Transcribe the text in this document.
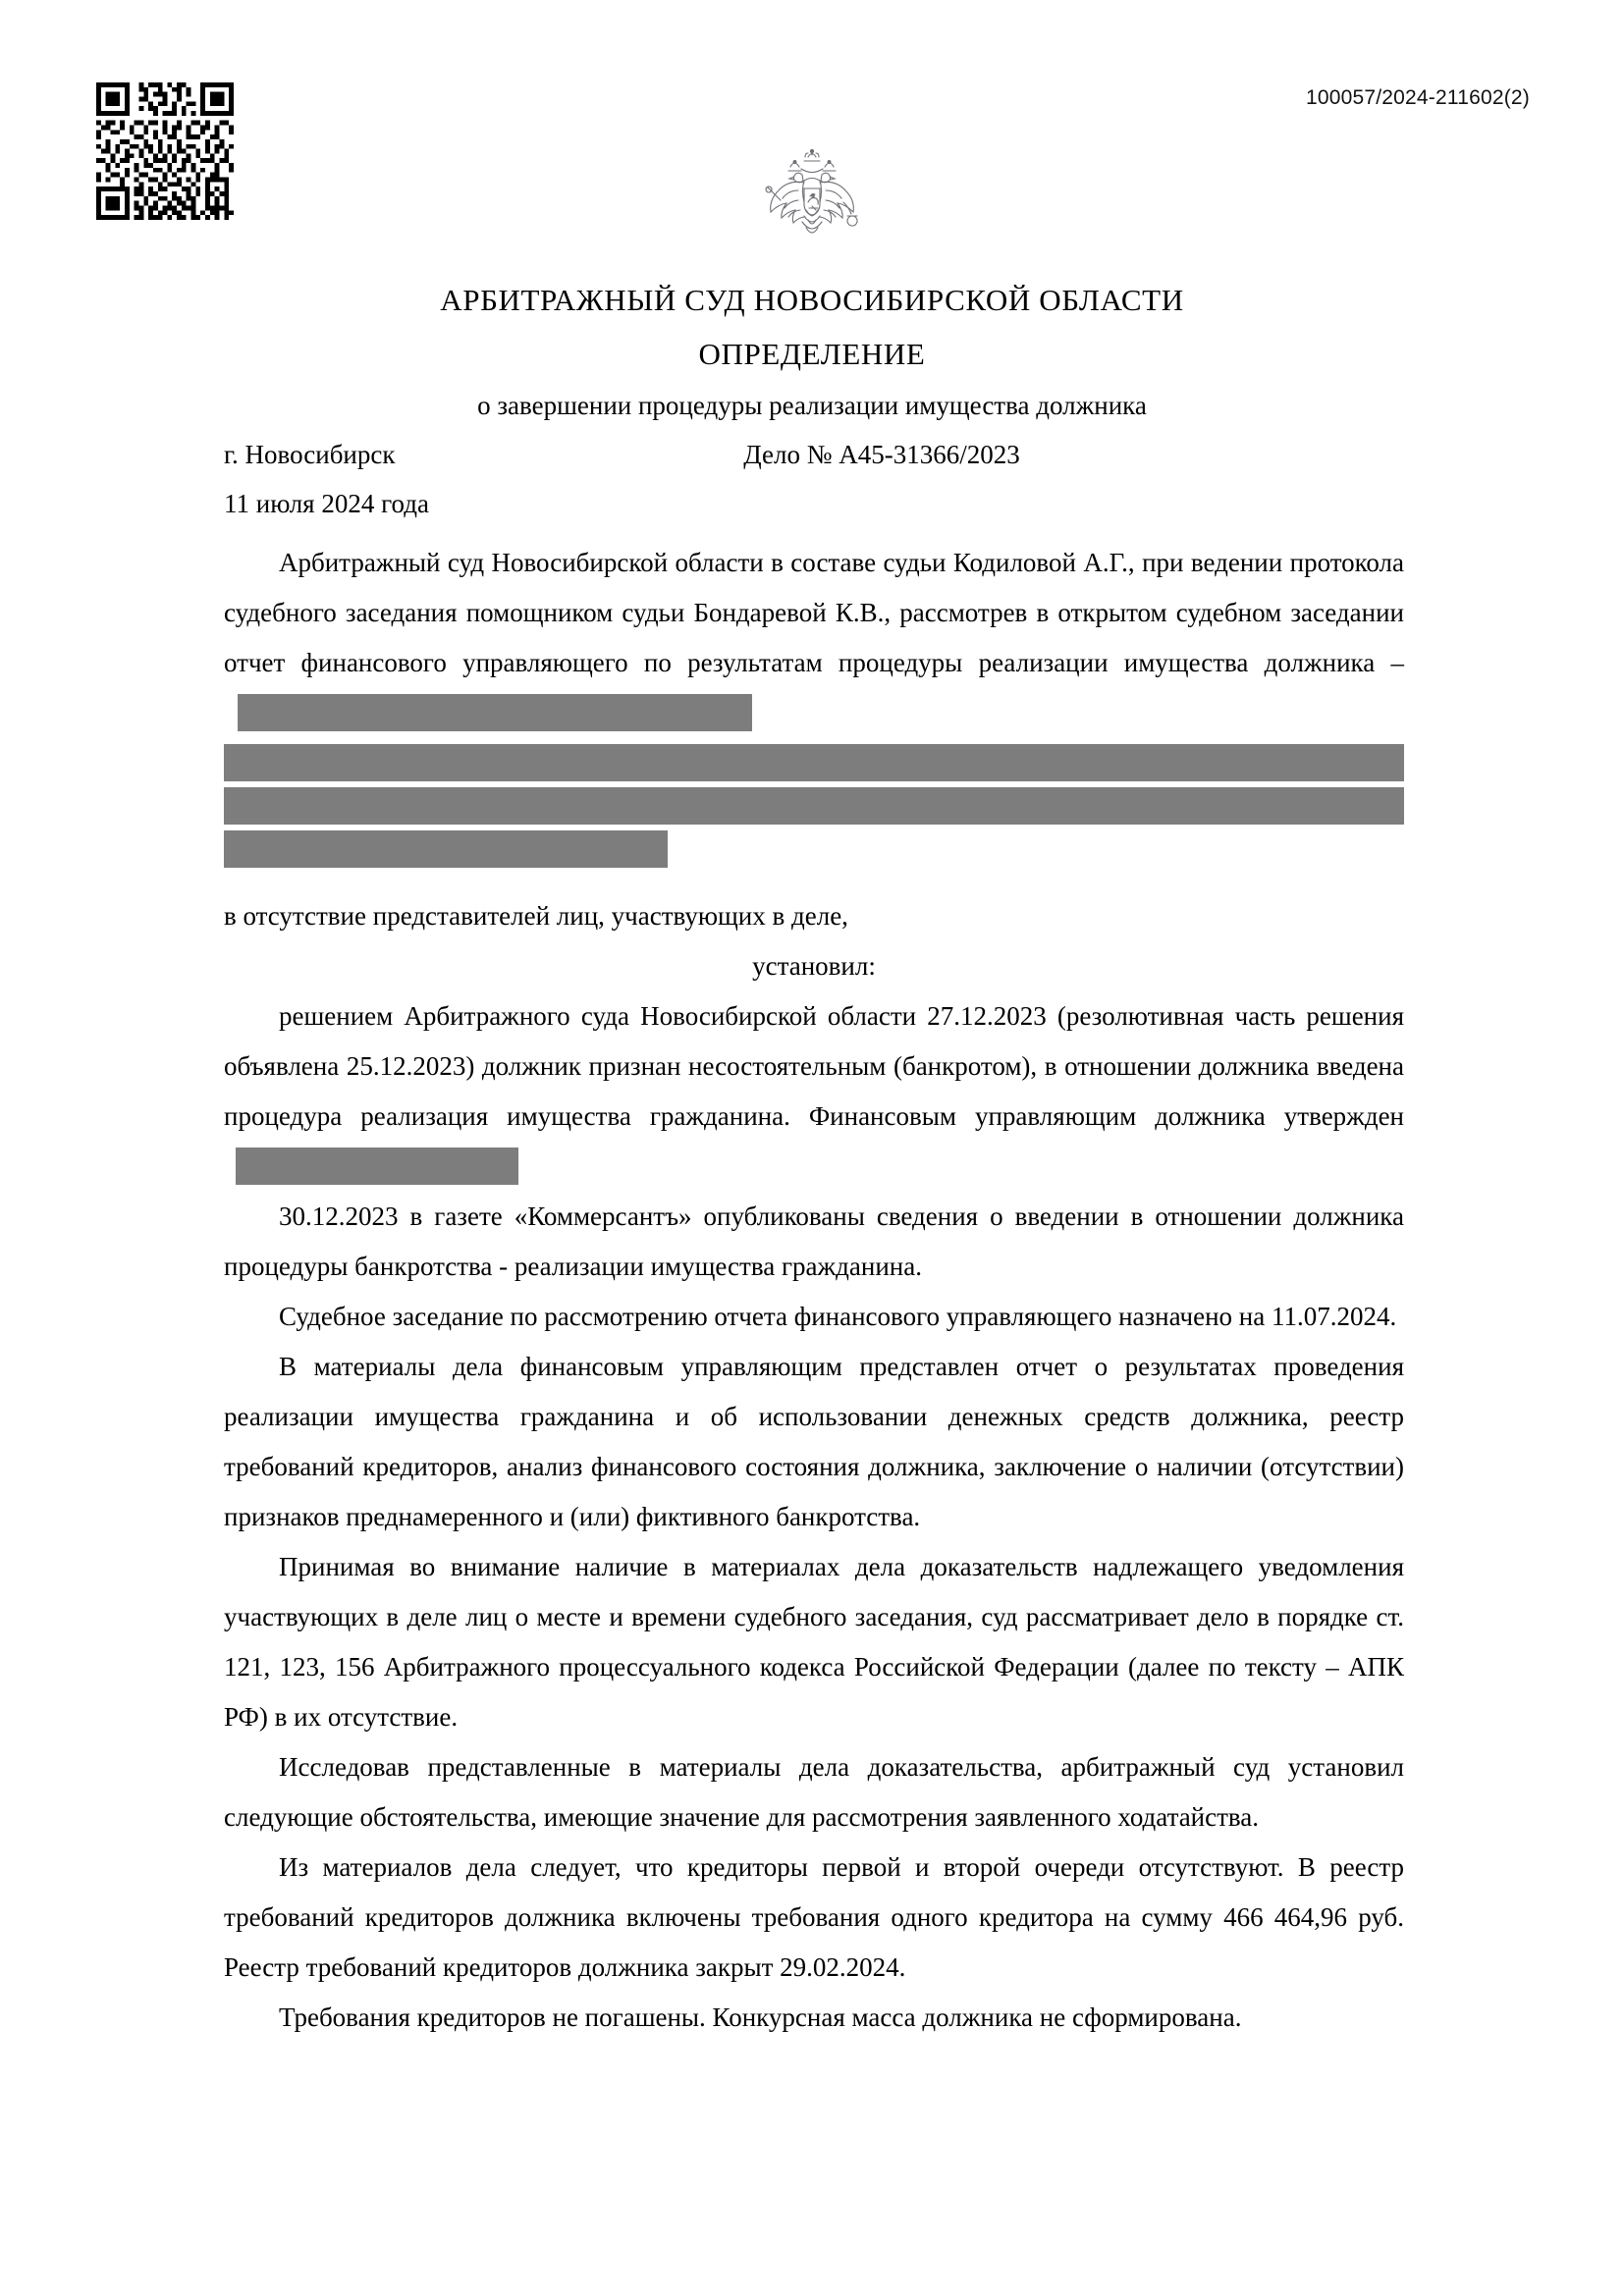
100057/2024-211602(2)
АРБИТРАЖНЫЙ СУД НОВОСИБИРСКОЙ ОБЛАСТИ
ОПРЕДЕЛЕНИЕ
о завершении процедуры реализации имущества должника
г. Новосибирск	Дело № А45-31366/2023
11 июля 2024 года

Арбитражный суд Новосибирской области в составе судьи Кодиловой А.Г., при ведении протокола судебного заседания помощником судьи Бондаревой К.В., рассмотрев в открытом судебном заседании отчет финансового управляющего по результатам процедуры реализации имущества должника –

в отсутствие представителей лиц, участвующих в деле,

установил:

решением Арбитражного суда Новосибирской области 27.12.2023 (резолютивная часть решения объявлена 25.12.2023) должник признан несостоятельным (банкротом), в отношении должника введена процедура реализация имущества гражданина. Финансовым управляющим должника утвержден

30.12.2023 в газете «Коммерсантъ» опубликованы сведения о введении в отношении должника процедуры банкротства - реализации имущества гражданина.

Судебное заседание по рассмотрению отчета финансового управляющего назначено на 11.07.2024.

В материалы дела финансовым управляющим представлен отчет о результатах проведения реализации имущества гражданина и об использовании денежных средств должника, реестр требований кредиторов, анализ финансового состояния должника, заключение о наличии (отсутствии) признаков преднамеренного и (или) фиктивного банкротства.

Принимая во внимание наличие в материалах дела доказательств надлежащего уведомления участвующих в деле лиц о месте и времени судебного заседания, суд рассматривает дело в порядке ст. 121, 123, 156 Арбитражного процессуального кодекса Российской Федерации (далее по тексту – АПК РФ) в их отсутствие.

Исследовав представленные в материалы дела доказательства, арбитражный суд установил следующие обстоятельства, имеющие значение для рассмотрения заявленного ходатайства.

Из материалов дела следует, что кредиторы первой и второй очереди отсутствуют. В реестр требований кредиторов должника включены требования одного кредитора на сумму 466 464,96 руб. Реестр требований кредиторов должника закрыт 29.02.2024.

Требования кредиторов не погашены. Конкурсная масса должника не сформирована.
